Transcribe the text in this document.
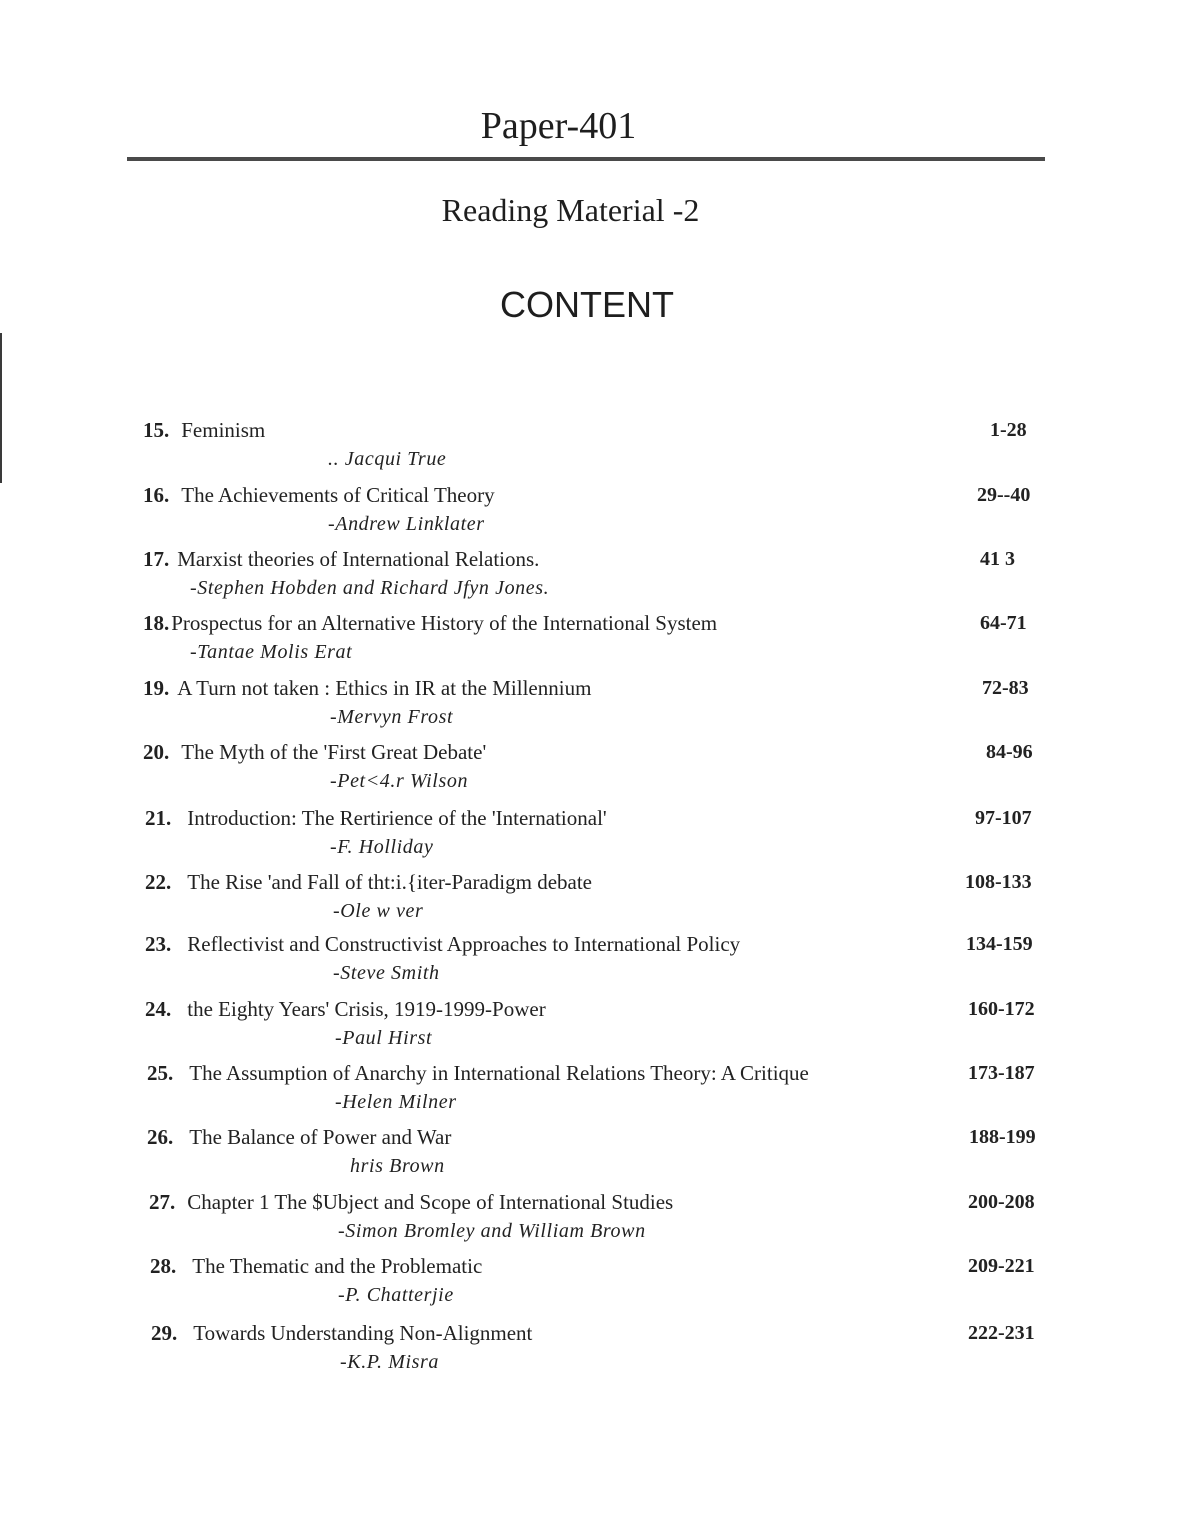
Paper-401
Reading Material -2
CONTENT
15. Feminism
.. Jacqui True
1-28
16. The Achievements of Critical Theory
-Andrew Linklater
29--40
17. Marxist theories of International Relations.
-Stephen Hobden and Richard Jfyn Jones.
41 3
18.Prospectus for an Alternative History of the International System
-Tantae Molis Erat
64-71
19. A Turn not taken : Ethics in IR at the Millennium
-Mervyn Frost
72-83
20. The Myth of the 'First Great Debate'
-Pet<4.r Wilson
84-96
21. Introduction: The Rertirience of the 'International'
-F. Holliday
97-107
22. The Rise 'and Fall of tht:i.{iter-Paradigm debate
-Ole w ver
108-133
23. Reflectivist and Constructivist Approaches to International Policy
-Steve Smith
134-159
24. the Eighty Years' Crisis, 1919-1999-Power
-Paul Hirst
160-172
25. The Assumption of Anarchy in International Relations Theory: A Critique
-Helen Milner
173-187
26. The Balance of Power and War
hris Brown
188-199
27. Chapter 1 The $Ubject and Scope of International Studies
-Simon Bromley and William Brown
200-208
28. The Thematic and the Problematic
-P. Chatterjie
209-221
29. Towards Understanding Non-Alignment
-K.P. Misra
222-231
